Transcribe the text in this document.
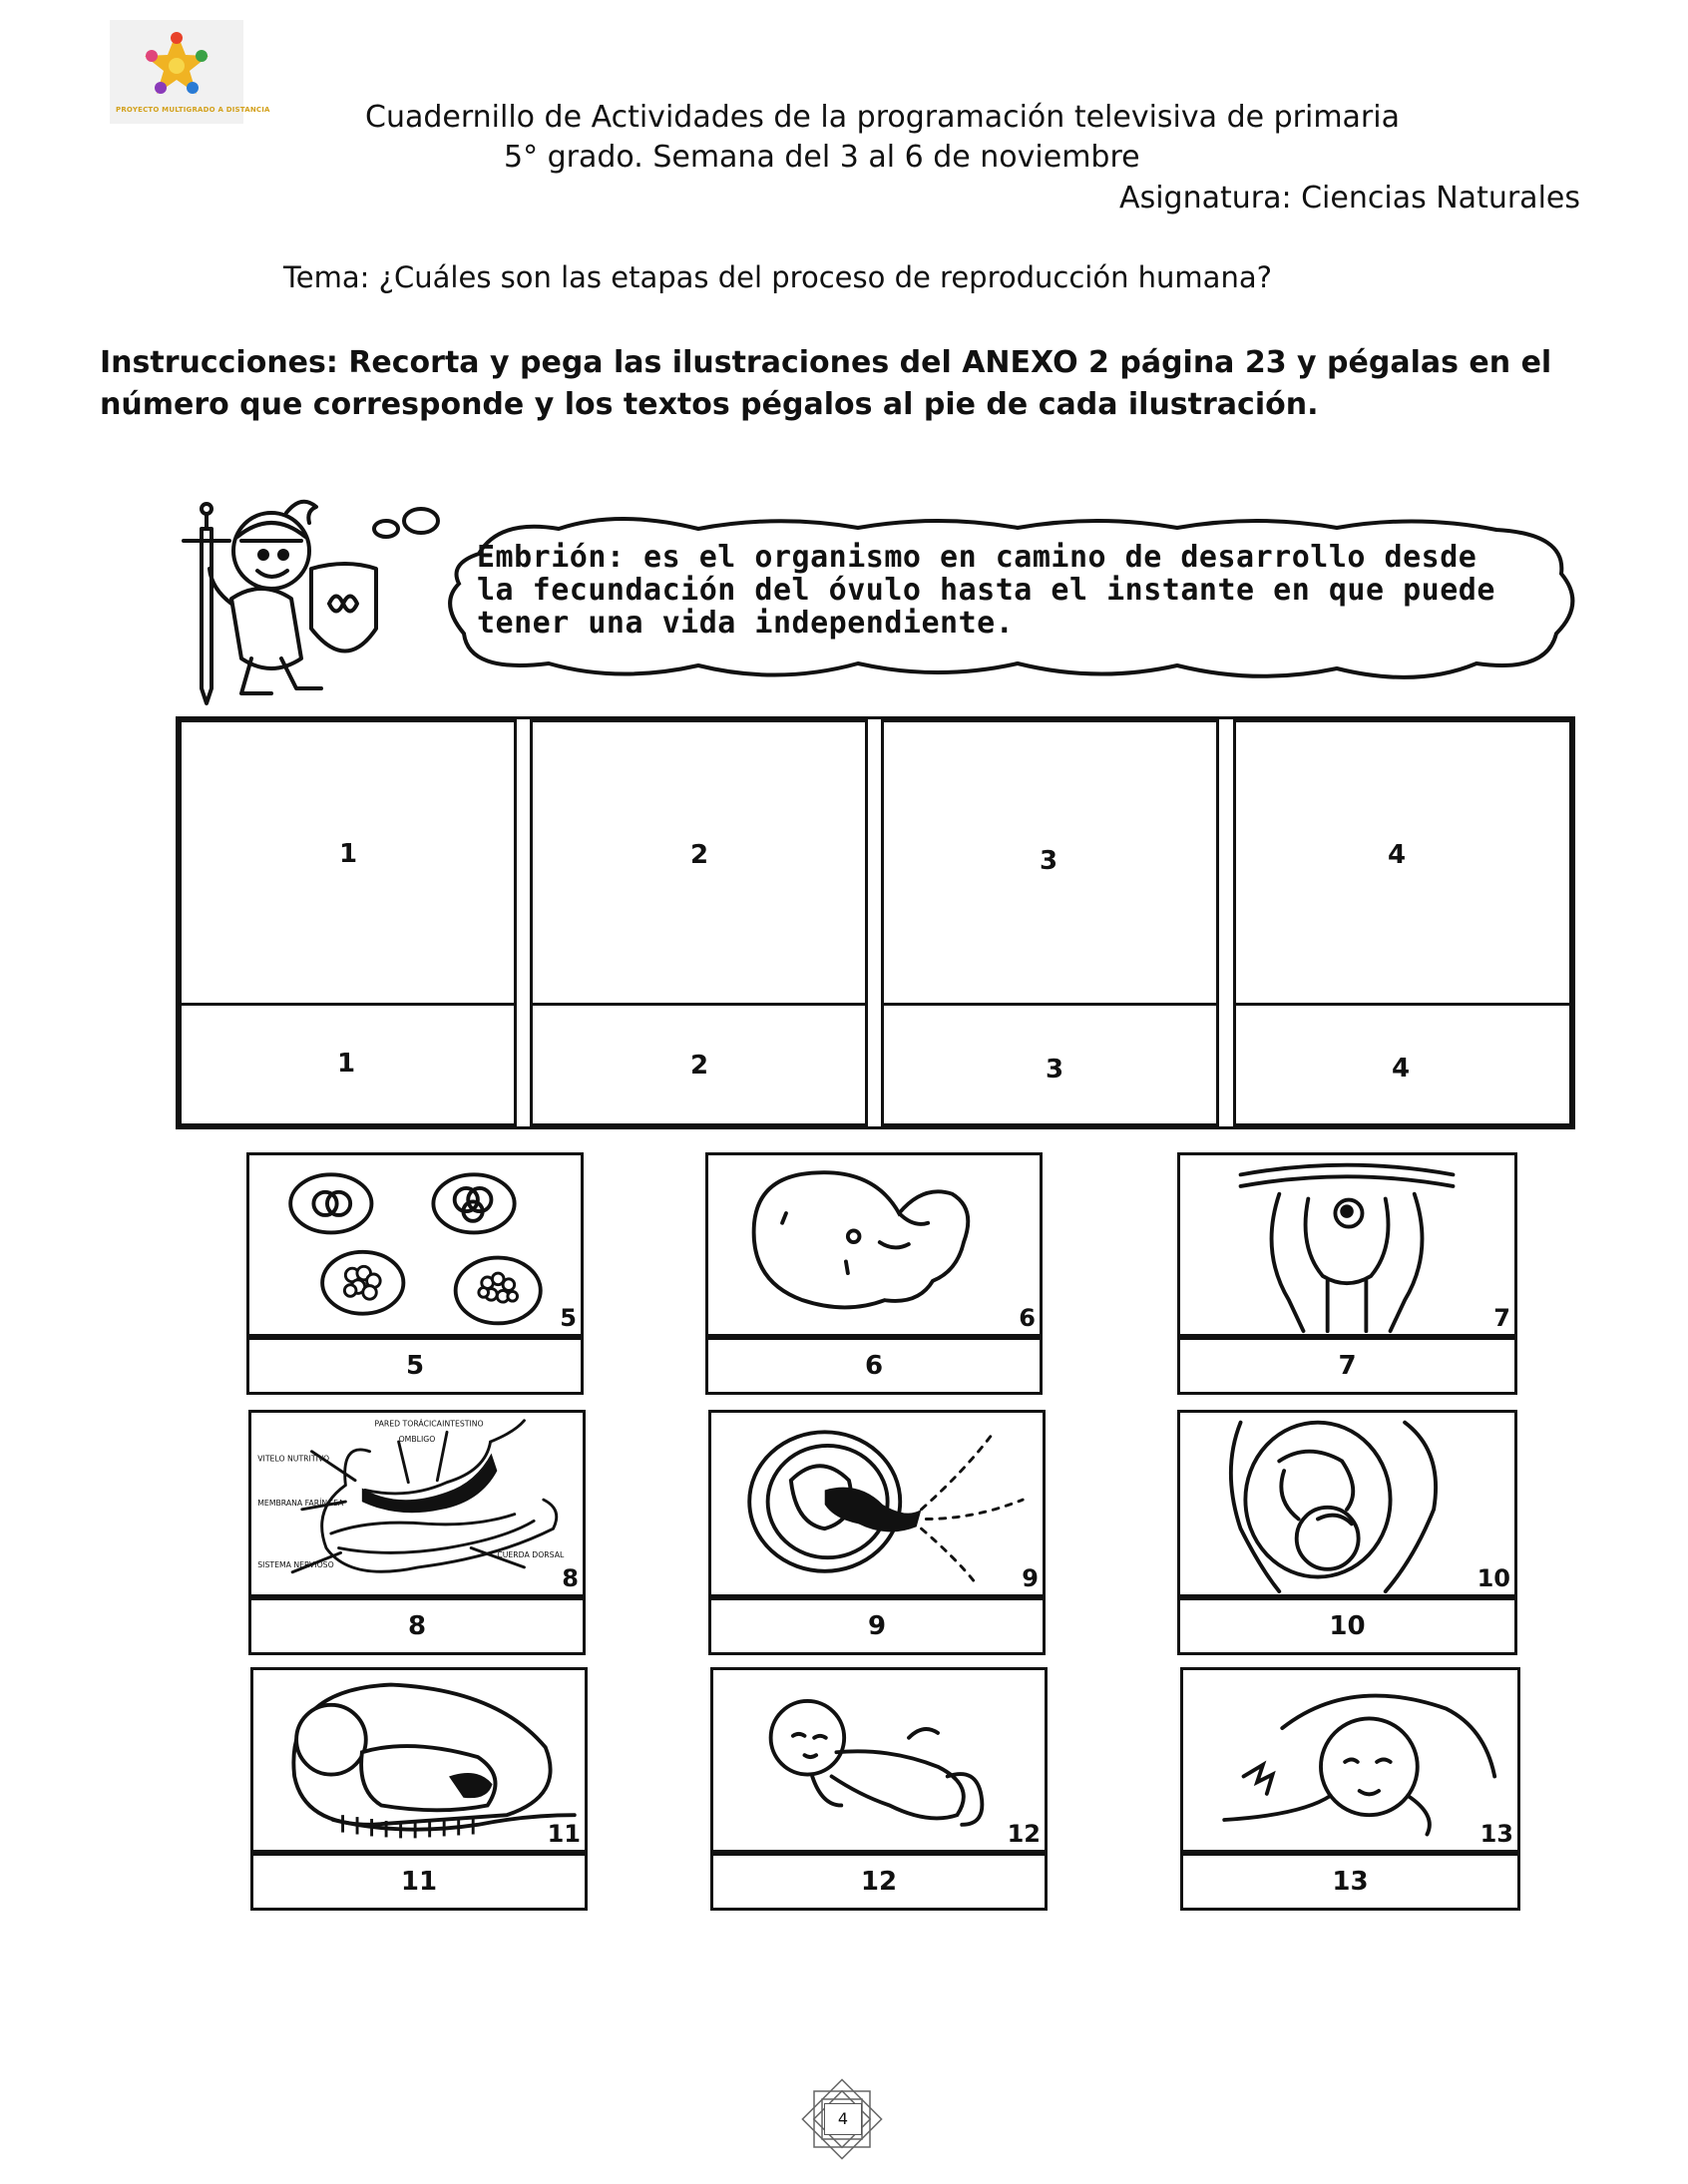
PROYECTO MULTIGRADO A DISTANCIA	Cuadernillo de Actividades de la programación televisiva de primaria
5° grado. Semana del 3 al 6 de noviembre
Asignatura: Ciencias Naturales
Tema: ¿Cuáles son las etapas del proceso de reproducción humana?
Instrucciones: Recorta y pega las ilustraciones del ANEXO 2 página 23 y pégalas en el número que corresponde y los textos pégalos al pie de cada ilustración.
Embrión: es el organismo en camino de desarrollo desde
la fecundación del óvulo hasta el instante en que puede
tener una vida independiente.
1	2	3	4
1	2	3	4
5
5
6
6
7
7
PARED TORÁCICA INTESTINO
OMBLIGO
VITELO NUTRITIVO
MEMBRANA FARÍNGEA
SISTEMA NERVIOSO
CUERDA DORSAL
8
8
9
9
10
10
11
11
12
12
13
13
4
